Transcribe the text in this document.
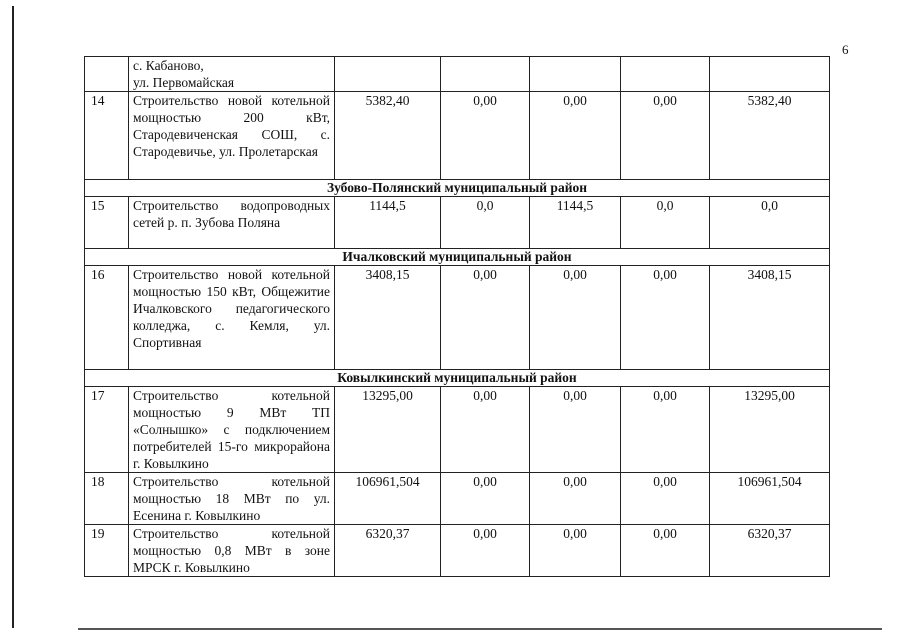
6

	с. Кабаново,
ул. Первомайская					

14	Строительство новой котельной мощностью 200 кВт, Стародевиченская СОШ, с. Стародевичье, ул. Пролетарская	5382,40	0,00	0,00	0,00	5382,40
Зубово-Полянский муниципальный район						
15	Строительство водопроводных сетей р. п. Зубова Поляна	1144,5	0,0	1144,5	0,0	0,0
Ичалковский муниципальный район						
16	Строительство новой котельной мощностью 150 кВт, Общежитие Ичалковского педагогического колледжа, с. Кемля, ул. Спортивная	3408,15	0,00	0,00	0,00	3408,15
Ковылкинский муниципальный район						
17	Строительство котельной мощностью 9 МВт ТП «Солнышко» с подключением потребителей 15-го микрорайона г. Ковылкино	13295,00	0,00	0,00	0,00	13295,00
18	Строительство котельной мощностью 18 МВт по ул. Есенина г. Ковылкино	106961,504	0,00	0,00	0,00	106961,504
19	Строительство котельной мощностью 0,8 МВт в зоне МРСК г. Ковылкино	6320,37	0,00	0,00	0,00	6320,37
